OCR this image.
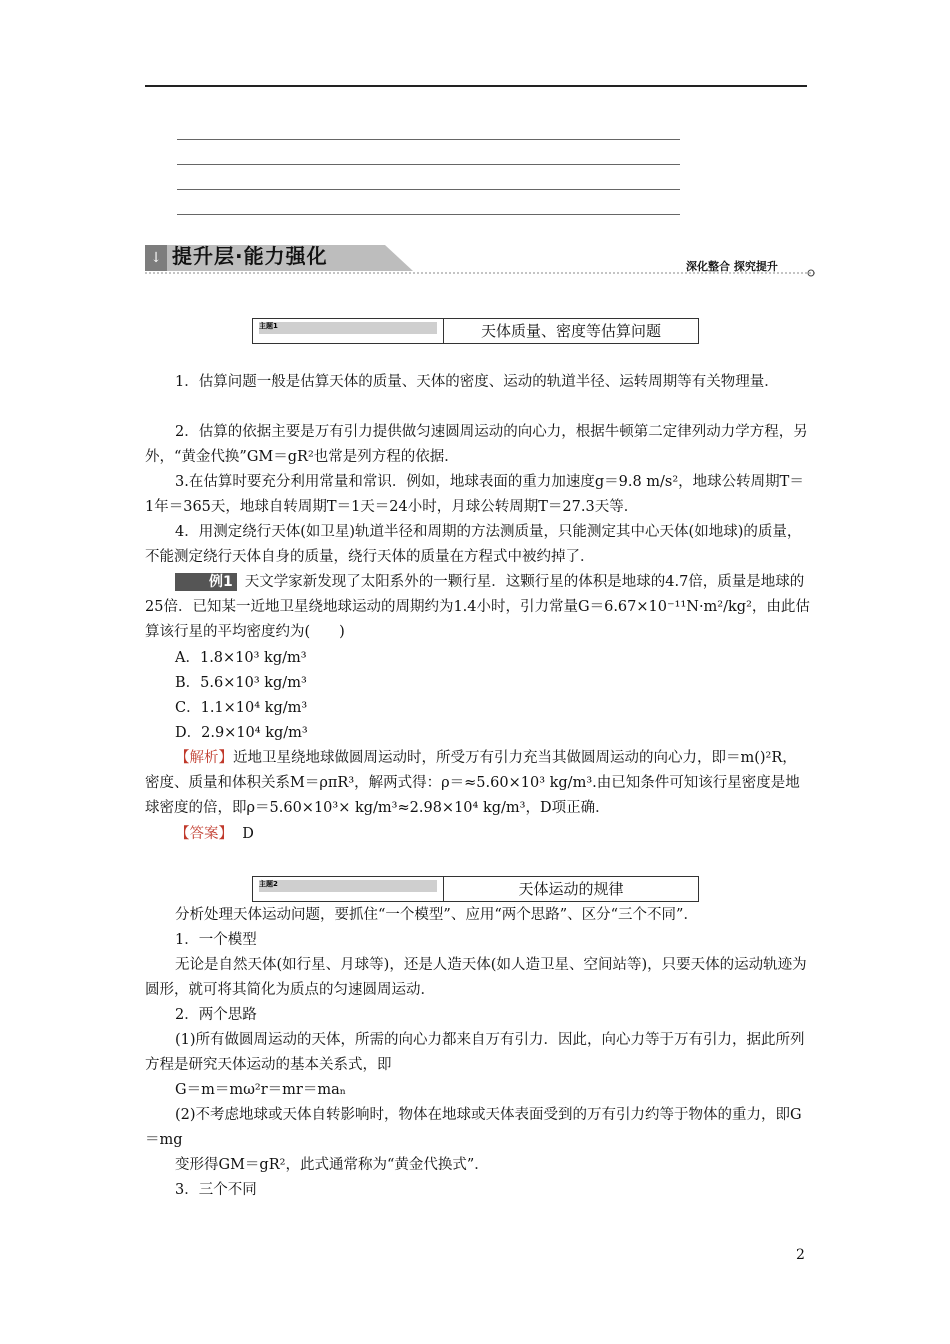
↓ 提升层·能力强化	深化整合 探究提升
主题1	天体质量、密度等估算问题
1．估算问题一般是估算天体的质量、天体的密度、运动的轨道半径、运转周期等有关物理量．
2．估算的依据主要是万有引力提供做匀速圆周运动的向心力，根据牛顿第二定律列动力学方程，另外，“黄金代换”GM＝gR²也常是列方程的依据．
3.在估算时要充分利用常量和常识．例如，地球表面的重力加速度g＝9.8 m/s²，地球公转周期T＝1年＝365天，地球自转周期T＝1天＝24小时，月球公转周期T＝27.3天等．
4．用测定绕行天体(如卫星)轨道半径和周期的方法测质量，只能测定其中心天体(如地球)的质量，不能测定绕行天体自身的质量，绕行天体的质量在方程式中被约掉了．
例1 天文学家新发现了太阳系外的一颗行星．这颗行星的体积是地球的4.7倍，质量是地球的25倍．已知某一近地卫星绕地球运动的周期约为1.4小时，引力常量G＝6.67×10⁻¹¹N·m²/kg²，由此估算该行星的平均密度约为(　　)
A．1.8×10³ kg/m³
B．5.6×10³ kg/m³
C．1.1×10⁴ kg/m³
D．2.9×10⁴ kg/m³
【解析】近地卫星绕地球做圆周运动时，所受万有引力充当其做圆周运动的向心力，即＝m()²R，密度、质量和体积关系M＝ρπR³，解两式得：ρ＝≈5.60×10³ kg/m³.由已知条件可知该行星密度是地球密度的倍，即ρ＝5.60×10³× kg/m³≈2.98×10⁴ kg/m³，D项正确．
【答案】 D
主题2	天体运动的规律
分析处理天体运动问题，要抓住“一个模型”、应用“两个思路”、区分“三个不同”．
1．一个模型
无论是自然天体(如行星、月球等)，还是人造天体(如人造卫星、空间站等)，只要天体的运动轨迹为圆形，就可将其简化为质点的匀速圆周运动．
2．两个思路
(1)所有做圆周运动的天体，所需的向心力都来自万有引力．因此，向心力等于万有引力，据此所列方程是研究天体运动的基本关系式，即
G＝m＝mω²r＝mr＝maₙ
(2)不考虑地球或天体自转影响时，物体在地球或天体表面受到的万有引力约等于物体的重力，即G＝mg
变形得GM＝gR²，此式通常称为“黄金代换式”．
3．三个不同
2
